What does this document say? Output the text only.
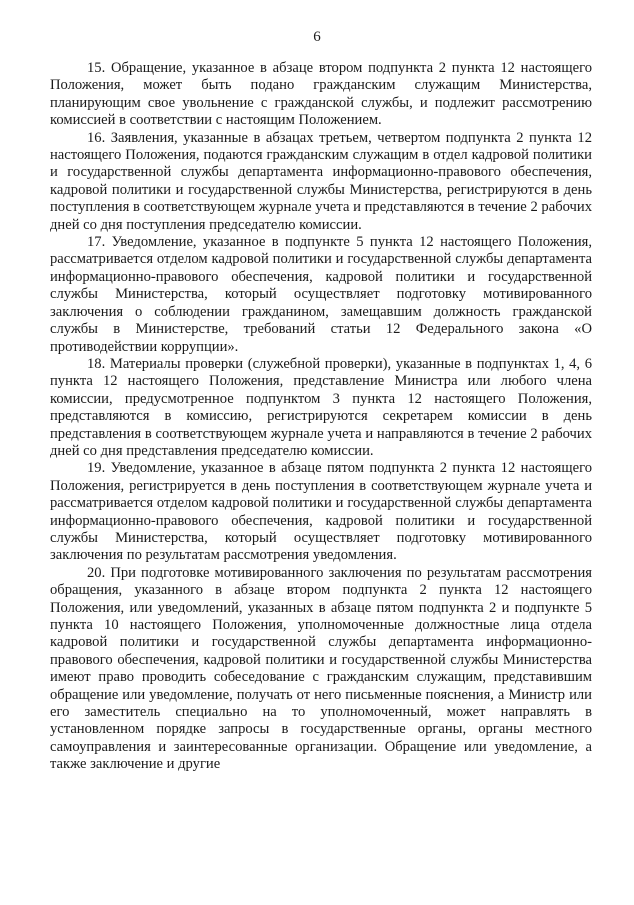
6

15. Обращение, указанное в абзаце втором подпункта 2 пункта 12 настоящего Положения, может быть подано гражданским служащим Министерства, планирующим свое увольнение с гражданской службы, и подлежит рассмотрению комиссией в соответствии с настоящим Положением.

16. Заявления, указанные в абзацах третьем, четвертом подпункта 2 пункта 12 настоящего Положения, подаются гражданским служащим в отдел кадровой политики и государственной службы департамента информационно-правового обеспечения, кадровой политики и государственной службы Министерства, регистрируются в день поступления в соответствующем журнале учета и представляются в течение 2 рабочих дней со дня поступления председателю комиссии.

17. Уведомление, указанное в подпункте 5 пункта 12 настоящего Положения, рассматривается отделом кадровой политики и государственной службы департамента информационно-правового обеспечения, кадровой политики и государственной службы Министерства, который осуществляет подготовку мотивированного заключения о соблюдении гражданином, замещавшим должность гражданской службы в Министерстве, требований статьи 12 Федерального закона «О противодействии коррупции».

18. Материалы проверки (служебной проверки), указанные в подпунктах 1, 4, 6 пункта 12 настоящего Положения, представление Министра или любого члена комиссии, предусмотренное подпунктом 3 пункта 12 настоящего Положения, представляются в комиссию, регистрируются секретарем комиссии в день представления в соответствующем журнале учета и направляются в течение 2 рабочих дней со дня представления председателю комиссии.

19. Уведомление, указанное в абзаце пятом подпункта 2 пункта 12 настоящего Положения, регистрируется в день поступления в соответствующем журнале учета и рассматривается отделом кадровой политики и государственной службы департамента информационно-правового обеспечения, кадровой политики и государственной службы Министерства, который осуществляет подготовку мотивированного заключения по результатам рассмотрения уведомления.

20. При подготовке мотивированного заключения по результатам рассмотрения обращения, указанного в абзаце втором подпункта 2 пункта 12 настоящего Положения, или уведомлений, указанных в абзаце пятом подпункта 2 и подпункте 5 пункта 10 настоящего Положения, уполномоченные должностные лица отдела кадровой политики и государственной службы департамента информационно-правового обеспечения, кадровой политики и государственной службы Министерства имеют право проводить собеседование с гражданским служащим, представившим обращение или уведомление, получать от него письменные пояснения, а Министр или его заместитель специально на то уполномоченный, может направлять в установленном порядке запросы в государственные органы, органы местного самоуправления и заинтересованные организации. Обращение или уведомление, а также заключение и другие
